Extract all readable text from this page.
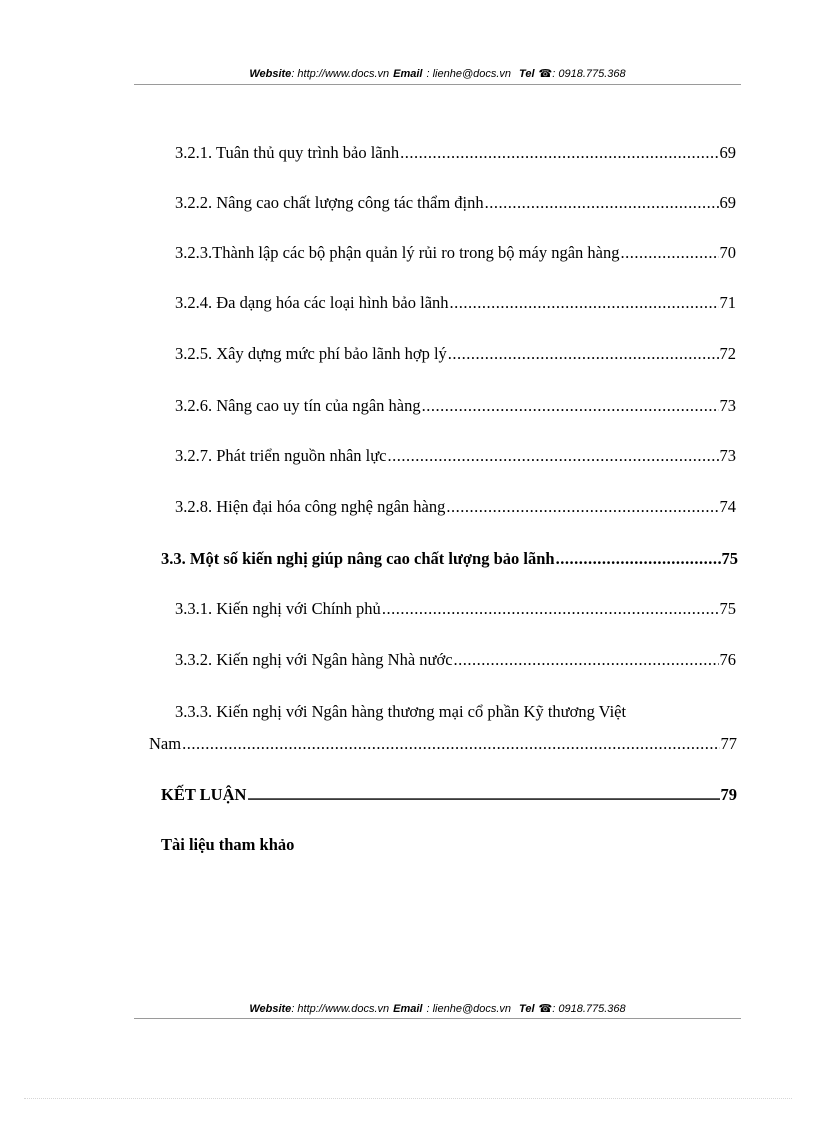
Website: http://www.docs.vn Email : lienhe@docs.vn Tel ☎: 0918.775.368
3.2.1. Tuân thủ quy trình bảo lãnh .....	69
3.2.2. Nâng cao chất lượng công tác thẩm định .....	69
3.2.3.Thành lập các bộ phận quản lý rủi ro trong bộ máy ngân hàng .....	70
3.2.4. Đa dạng hóa các loại hình bảo lãnh .....	71
3.2.5. Xây dựng mức phí bảo lãnh hợp lý .....	72
3.2.6. Nâng cao uy tín của ngân hàng .....	73
3.2.7. Phát triển nguồn nhân lực .....	73
3.2.8. Hiện đại hóa công nghệ ngân hàng .....	74
3.3. Một số kiến nghị giúp nâng cao chất lượng bảo lãnh .....	75
3.3.1. Kiến nghị với Chính phủ .....	75
3.3.2. Kiến nghị với Ngân hàng Nhà nước .....	76
3.3.3. Kiến nghị với Ngân hàng thương mại cổ phần Kỹ thương Việt
Nam .....	77
KẾT LUẬN .....	79
Tài liệu tham khảo
Website: http://www.docs.vn Email : lienhe@docs.vn Tel ☎: 0918.775.368
